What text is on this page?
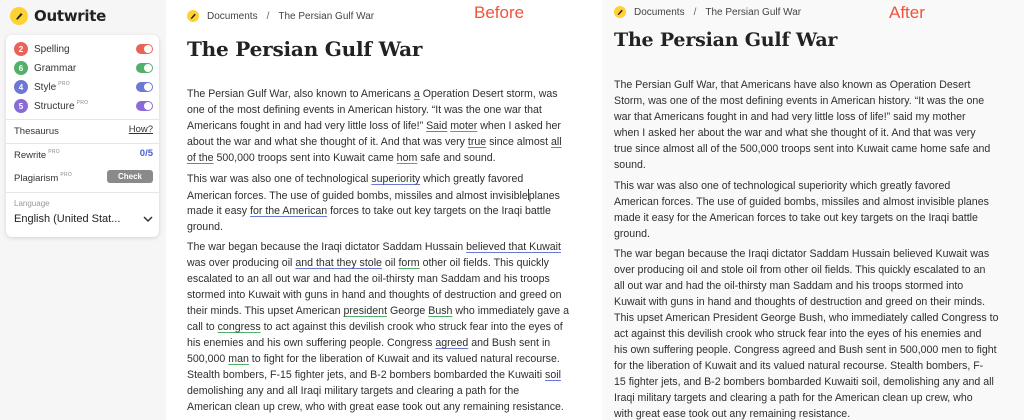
Outwrite
2	Spelling
6	Grammar
4	Style PRO
5	Structure PRO
Thesaurus	How?
Rewrite PRO	0/5
Plagiarism PRO	Check
Language
English (United Stat...
Documents / The Persian Gulf War	Before
The Persian Gulf War
The Persian Gulf War, also known to Americans a Operation Desert storm, was
one of the most defining events in American history. “It was the one war that
Americans fought in and had very little loss of life!” Said moter when I asked her
about the war and what she thought of it. And that was very true since almost all
of the 500,000 troops sent into Kuwait came hom safe and sound.
This war was also one of technological superiority which greatly favored
American forces. The use of guided bombs, missiles and almost invisibleplanes
made it easy for the American forces to take out key targets on the Iraqi battle
ground.
The war began because the Iraqi dictator Saddam Hussain believed that Kuwait
was over producing oil and that they stole oil form other oil fields. This quickly
escalated to an all out war and had the oil-thirsty man Saddam and his troops
stormed into Kuwait with guns in hand and thoughts of destruction and greed on
their minds. This upset American president George Bush who immediately gave a
call to congress to act against this devilish crook who struck fear into the eyes of
his enemies and his own suffering people. Congress agreed and Bush sent in
500,000 man to fight for the liberation of Kuwait and its valued natural recourse.
Stealth bombers, F-15 fighter jets, and B-2 bombers bombarded the Kuwaiti soil
demolishing any and all Iraqi military targets and clearing a path for the
American clean up crew, who with great ease took out any remaining resistance.
Documents / The Persian Gulf War	After
The Persian Gulf War
The Persian Gulf War, that Americans have also known as Operation Desert
Storm, was one of the most defining events in American history. “It was the one
war that Americans fought in and had very little loss of life!” said my mother
when I asked her about the war and what she thought of it. And that was very
true since almost all of the 500,000 troops sent into Kuwait came home safe and
sound.
This war was also one of technological superiority which greatly favored
American forces. The use of guided bombs, missiles and almost invisible planes
made it easy for the American forces to take out key targets on the Iraqi battle
ground.
The war began because the Iraqi dictator Saddam Hussain believed Kuwait was
over producing oil and stole oil from other oil fields. This quickly escalated to an
all out war and had the oil-thirsty man Saddam and his troops stormed into
Kuwait with guns in hand and thoughts of destruction and greed on their minds.
This upset American President George Bush, who immediately called Congress to
act against this devilish crook who struck fear into the eyes of his enemies and
his own suffering people. Congress agreed and Bush sent in 500,000 men to fight
for the liberation of Kuwait and its valued natural recourse. Stealth bombers, F-
15 fighter jets, and B-2 bombers bombarded Kuwaiti soil, demolishing any and all
Iraqi military targets and clearing a path for the American clean up crew, who
with great ease took out any remaining resistance.
